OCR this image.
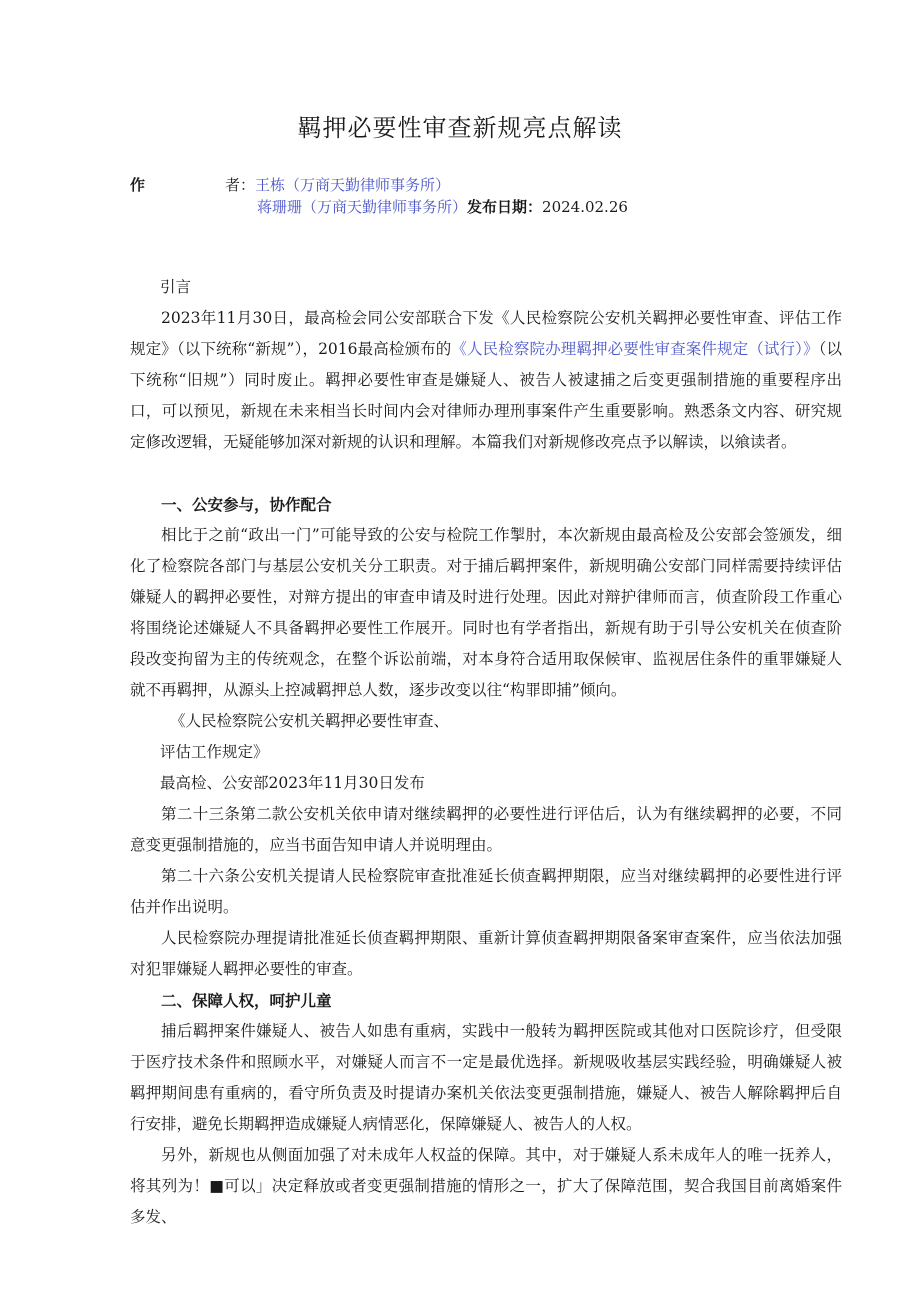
羁押必要性审查新规亮点解读
作	者：王栋（万商天勤律师事务所）
蒋珊珊（万商天勤律师事务所）发布日期：2024.02.26
引言
2023年11月30日，最高检会同公安部联合下发《人民检察院公安机关羁押必要性审查、评估工作规定》（以下统称“新规”），2016最高检颁布的《人民检察院办理羁押必要性审查案件规定（试行）》（以下统称“旧规”）同时废止。羁押必要性审查是嫌疑人、被告人被逮捕之后变更强制措施的重要程序出口，可以预见，新规在未来相当长时间内会对律师办理刑事案件产生重要影响。熟悉条文内容、研究规定修改逻辑，无疑能够加深对新规的认识和理解。本篇我们对新规修改亮点予以解读，以飨读者。
一、公安参与，协作配合
相比于之前“政出一门”可能导致的公安与检院工作掣肘，本次新规由最高检及公安部会签颁发，细化了检察院各部门与基层公安机关分工职责。对于捕后羁押案件，新规明确公安部门同样需要持续评估嫌疑人的羁押必要性，对辩方提出的审查申请及时进行处理。因此对辩护律师而言，侦查阶段工作重心将围绕论述嫌疑人不具备羁押必要性工作展开。同时也有学者指出，新规有助于引导公安机关在侦查阶段改变拘留为主的传统观念，在整个诉讼前端，对本身符合适用取保候审、监视居住条件的重罪嫌疑人就不再羁押，从源头上控减羁押总人数，逐步改变以往“构罪即捕”倾向。
《人民检察院公安机关羁押必要性审查、
评估工作规定》
最高检、公安部2023年11月30日发布
第二十三条第二款公安机关依申请对继续羁押的必要性进行评估后，认为有继续羁押的必要，不同意变更强制措施的，应当书面告知申请人并说明理由。
第二十六条公安机关提请人民检察院审查批准延长侦查羁押期限，应当对继续羁押的必要性进行评估并作出说明。
人民检察院办理提请批准延长侦查羁押期限、重新计算侦查羁押期限备案审查案件，应当依法加强对犯罪嫌疑人羁押必要性的审查。
二、保障人权，呵护儿童
捕后羁押案件嫌疑人、被告人如患有重病，实践中一般转为羁押医院或其他对口医院诊疗，但受限于医疗技术条件和照顾水平，对嫌疑人而言不一定是最优选择。新规吸收基层实践经验，明确嫌疑人被羁押期间患有重病的，看守所负责及时提请办案机关依法变更强制措施，嫌疑人、被告人解除羁押后自行安排，避免长期羁押造成嫌疑人病情恶化，保障嫌疑人、被告人的人权。
另外，新规也从侧面加强了对未成年人权益的保障。其中，对于嫌疑人系未成年人的唯一抚养人，将其列为！■可以」决定释放或者变更强制措施的情形之一，扩大了保障范围，契合我国目前离婚案件多发、
